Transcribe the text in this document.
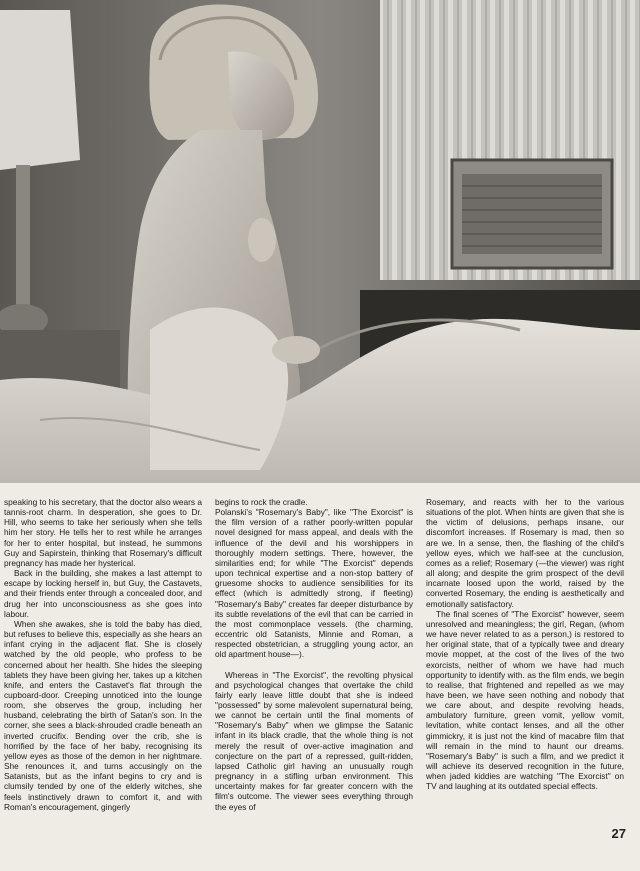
speaking to his secretary, that the doctor also wears a tannis-root charm. In desperation, she goes to Dr. Hill, who seems to take her seriously when she tells him her story. He tells her to rest while he arranges for her to enter hospital, but instead, he summons Guy and Sapirstein, thinking that Rosemary's difficult pregnancy has made her hysterical.

Back in the building, she makes a last attempt to escape by locking herself in, but Guy, the Castavets, and their friends enter through a concealed door, and drug her into unconsciousness as she goes into labour.

When she awakes, she is told the baby has died, but refuses to believe this, especially as she hears an infant crying in the adjacent flat. She is closely watched by the old people, who profess to be concerned about her health. She hides the sleeping tablets they have been giving her, takes up a kitchen knife, and enters the Castavet's flat through the cupboard-door. Creeping unnoticed into the lounge room, she observes the group, including her husband, celebrating the birth of Satan's son. In the corner, she sees a black-shrouded cradle beneath an inverted crucifix. Bending over the crib, she is horrified by the face of her baby, recognising its yellow eyes as those of the demon in her nightmare. She renounces it, and turns accusingly on the Satanists, but as the infant begins to cry and is clumsily tended by one of the elderly witches, she feels instinctively drawn to comfort it, and with Roman's encouragement, gingerly

begins to rock the cradle.

Polanski's "Rosemary's Baby", like "The Exorcist" is the film version of a rather poorly-written popular novel designed for mass appeal, and deals with the influence of the devil and his worshippers in thoroughly modern settings. There, however, the similarities end; for while "The Exorcist" depends upon technical expertise and a non-stop battery of gruesome shocks to audience sensibilities for its effect (which is admittedly strong, if fleeting) "Rosemary's Baby" creates far deeper disturbance by its subtle revelations of the evil that can be carried in the most commonplace vessels. (the charming, eccentric old Satanists, Minnie and Roman, a respected obstetrician, a struggling young actor, an old apartment house—).

Whereas in "The Exorcist", the revolting physical and psychological changes that overtake the child fairly early leave little doubt that she is indeed "possessed" by some malevolent supernatural being, we cannot be certain until the final moments of "Rosemary's Baby" when we glimpse the Satanic infant in its black cradle, that the whole thing is not merely the result of over-active imagination and conjecture on the part of a repressed, guilt-ridden, lapsed Catholic girl having an unusually rough pregnancy in a stifling urban environment. This uncertainty makes for far greater concern with the film's outcome. The viewer sees everything through the eyes of

Rosemary, and reacts with her to the various situations of the plot. When hints are given that she is the victim of delusions, perhaps insane, our discomfort increases. If Rosemary is mad, then so are we. In a sense, then, the flashing of the child's yellow eyes, which we half-see at the cunclusion, comes as a relief; Rosemary (—the viewer) was right all along; and despite the grim prospect of the devil incarnate loosed upon the world, raised by the converted Rosemary, the ending is aesthetically and emotionally satisfactory.

The final scenes of "The Exorcist" however, seem unresolved and meaningless; the girl, Regan, (whom we have never related to as a person,) is restored to her original state, that of a typically twee and dreary movie moppet, at the cost of the lives of the two exorcists, neither of whom we have had much opportunity to identify with. as the film ends, we begin to realise, that frightened and repelled as we may have been, we have seen nothing and nobody that we care about, and despite revolving heads, ambulatory furniture, green vomit, yellow vomit, levitation, white contact lenses, and all the other gimmickry, it is just not the kind of macabre film that will remain in the mind to haunt our dreams. "Rosemary's Baby" is such a film, and we predict it will achieve its deserved recognition in the future, when jaded kiddies are watching "The Exorcist" on TV and laughing at its outdated special effects.

27
